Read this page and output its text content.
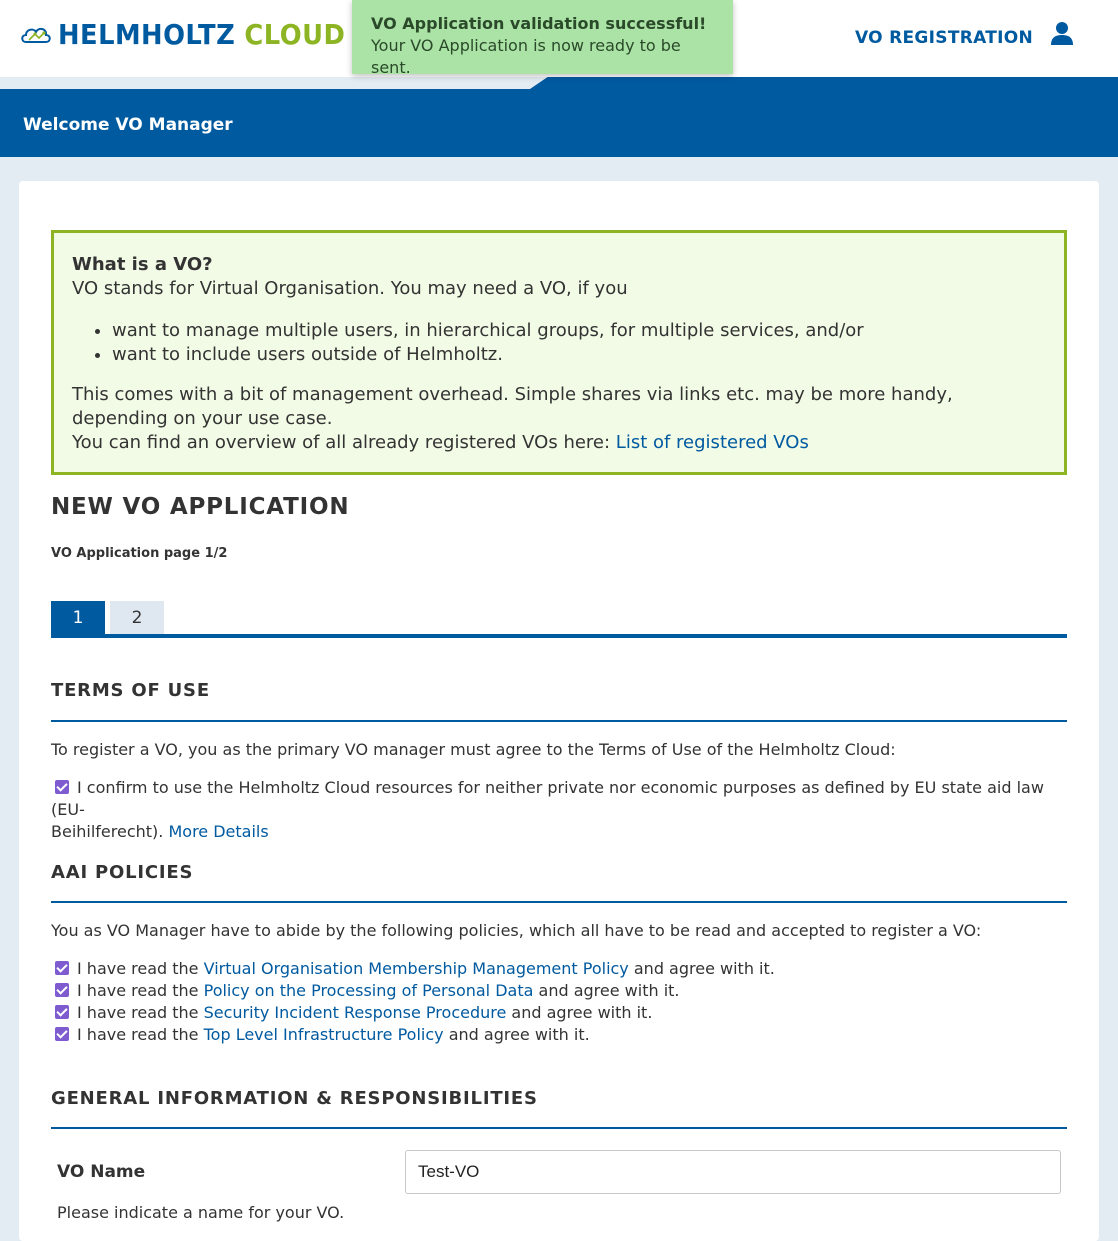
HELMHOLTZ CLOUD	VO REGISTRATION
Welcome VO Manager
VO Application validation successful!
Your VO Application is now ready to be sent.
What is a VO?
VO stands for Virtual Organisation. You may need a VO, if you
• want to manage multiple users, in hierarchical groups, for multiple services, and/or
• want to include users outside of Helmholtz.
This comes with a bit of management overhead. Simple shares via links etc. may be more handy, depending on your use case.
You can find an overview of all already registered VOs here: List of registered VOs
NEW VO APPLICATION
VO Application page 1/2
1	2
TERMS OF USE
To register a VO, you as the primary VO manager must agree to the Terms of Use of the Helmholtz Cloud:
I confirm to use the Helmholtz Cloud resources for neither private nor economic purposes as defined by EU state aid law (EU-
Beihilferecht). More Details
AAI POLICIES
You as VO Manager have to abide by the following policies, which all have to be read and accepted to register a VO:
I have read the Virtual Organisation Membership Management Policy and agree with it.
I have read the Policy on the Processing of Personal Data and agree with it.
I have read the Security Incident Response Procedure and agree with it.
I have read the Top Level Infrastructure Policy and agree with it.
GENERAL INFORMATION & RESPONSIBILITIES
VO Name
Test-VO
Please indicate a name for your VO.
